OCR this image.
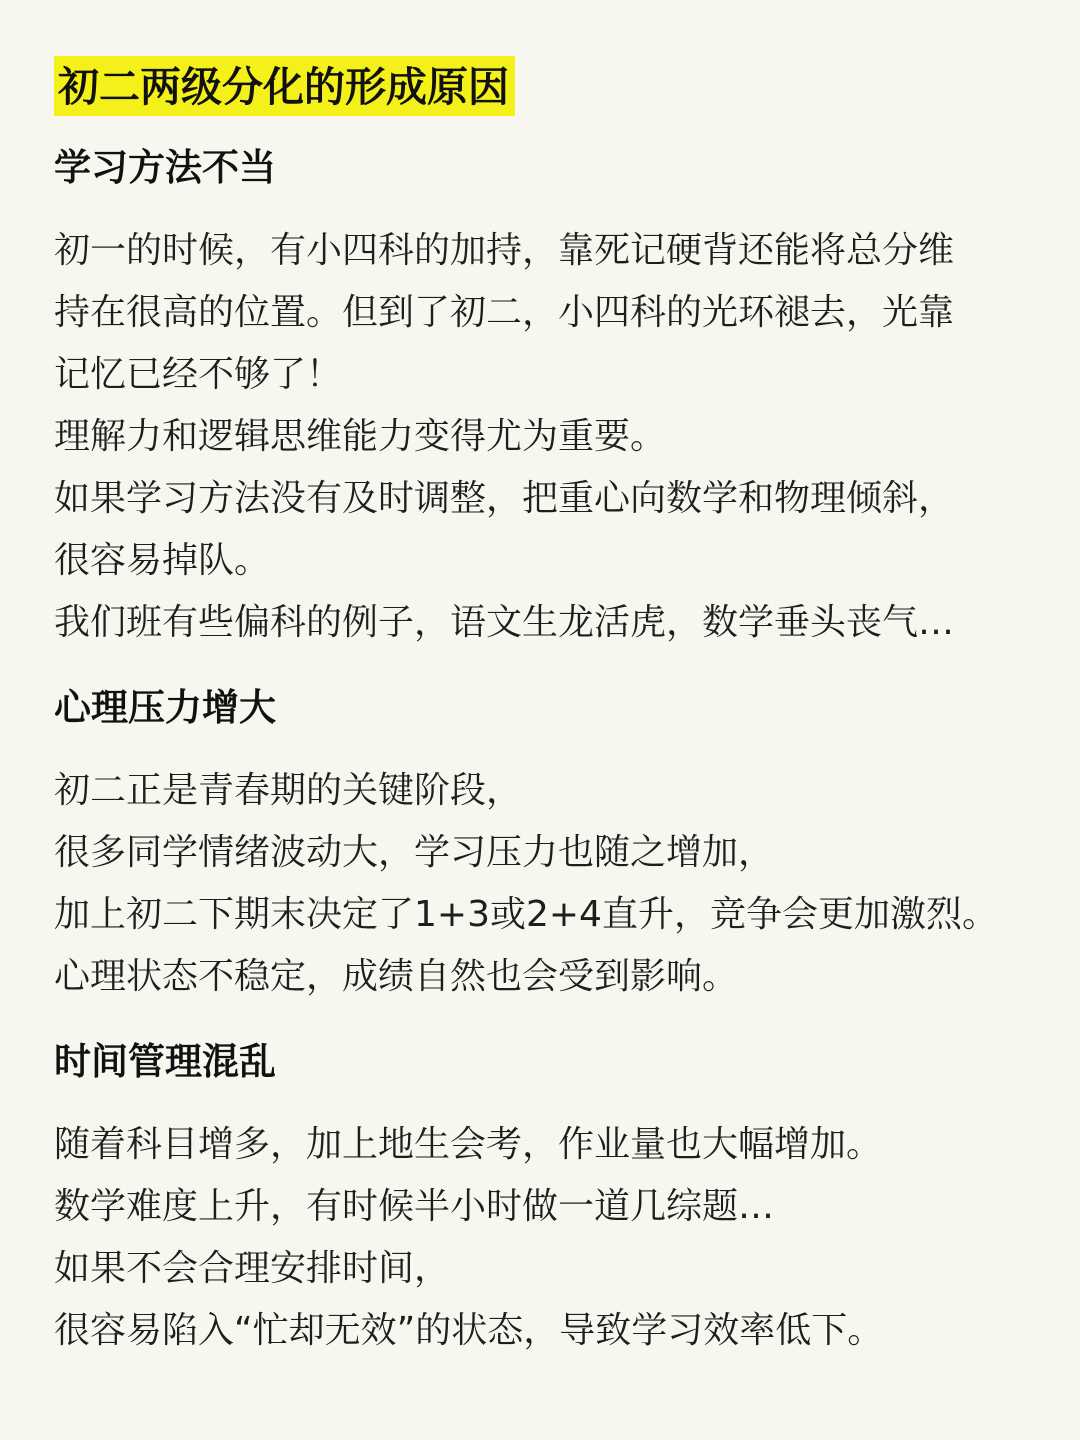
初二两级分化的形成原因
学习方法不当
初一的时候，有小四科的加持，靠死记硬背还能将总分维
持在很高的位置。但到了初二，小四科的光环褪去，光靠
记忆已经不够了！
理解力和逻辑思维能力变得尤为重要。
如果学习方法没有及时调整，把重心向数学和物理倾斜，
很容易掉队。
我们班有些偏科的例子，语文生龙活虎，数学垂头丧气…
心理压力增大
初二正是青春期的关键阶段，
很多同学情绪波动大，学习压力也随之增加，
加上初二下期末决定了1+3或2+4直升，竞争会更加激烈。
心理状态不稳定，成绩自然也会受到影响。
时间管理混乱
随着科目增多，加上地生会考，作业量也大幅增加。
数学难度上升，有时候半小时做一道几综题…
如果不会合理安排时间，
很容易陷入“忙却无效”的状态，导致学习效率低下。
